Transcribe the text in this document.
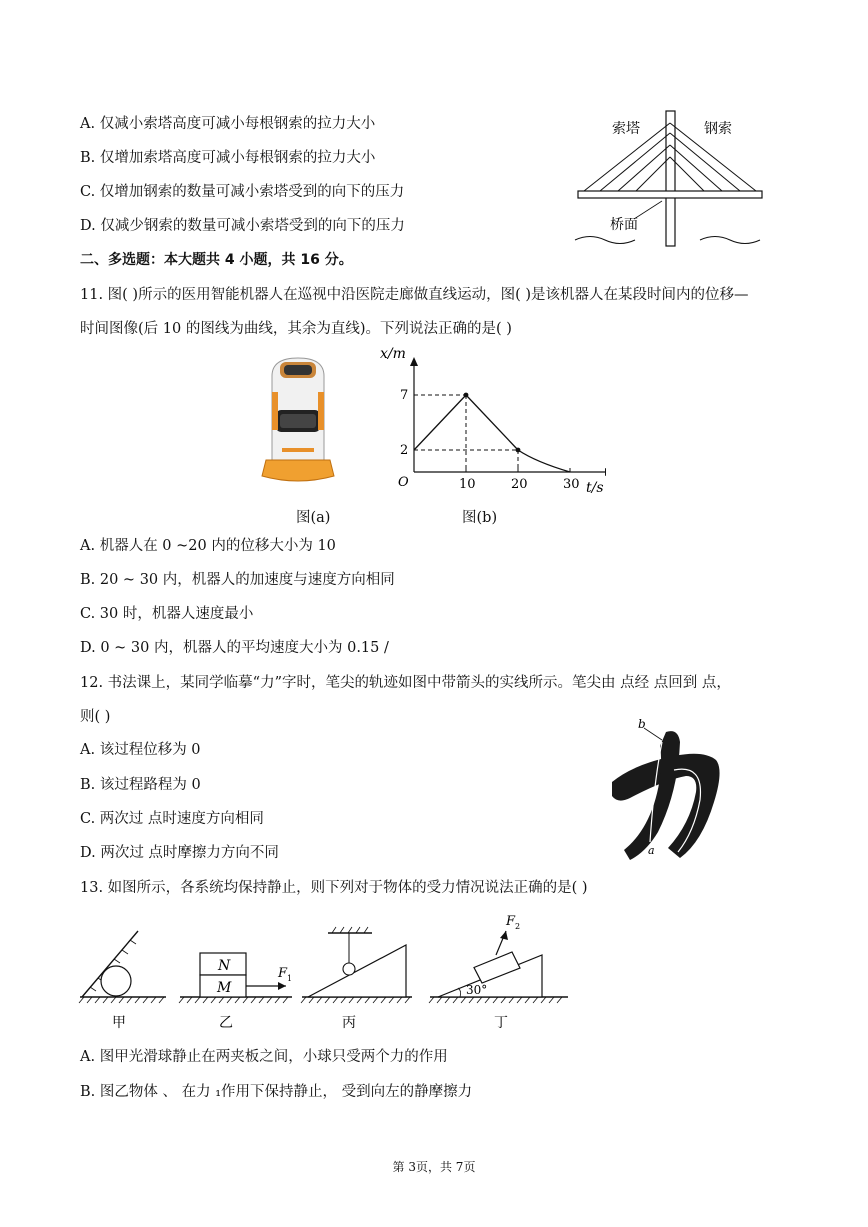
A. 仅减小索塔高度可减小每根钢索的拉力大小
B. 仅增加索塔高度可减小每根钢索的拉力大小
C. 仅增加钢索的数量可减小索塔受到的向下的压力
D. 仅减少钢索的数量可减小索塔受到的向下的压力
索塔	钢索
桥面
二、多选题：本大题共 4 小题，共 16 分。
11. 图( )所示的医用智能机器人在巡视中沿医院走廊做直线运动，图( )是该机器人在某段时间内的位移—
时间图像(后 10 的图线为曲线，其余为直线)。下列说法正确的是( )
图(a)
x/m
t/s
O	10	20	30
2
7
图(b)
A. 机器人在 0 ~20 内的位移大小为 10
B. 20 ~ 30 内，机器人的加速度与速度方向相同
C. 30 时，机器人速度最小
D. 0 ~ 30 内，机器人的平均速度大小为 0.15 /
12. 书法课上，某同学临摹“力”字时，笔尖的轨迹如图中带箭头的实线所示。笔尖由 点经 点回到 点，
则( )
A. 该过程位移为 0
B. 该过程路程为 0
C. 两次过 点时速度方向相同
D. 两次过 点时摩擦力方向不同
b
a
13. 如图所示，各系统均保持静止，则下列对于物体的受力情况说法正确的是( )
甲
N
M
F 1
乙	丙
F 2
30°
丁
A. 图甲光滑球静止在两夹板之间，小球只受两个力的作用
B. 图乙物体 、 在力 ₁作用下保持静止， 受到向左的静摩擦力
第 3页，共 7页
